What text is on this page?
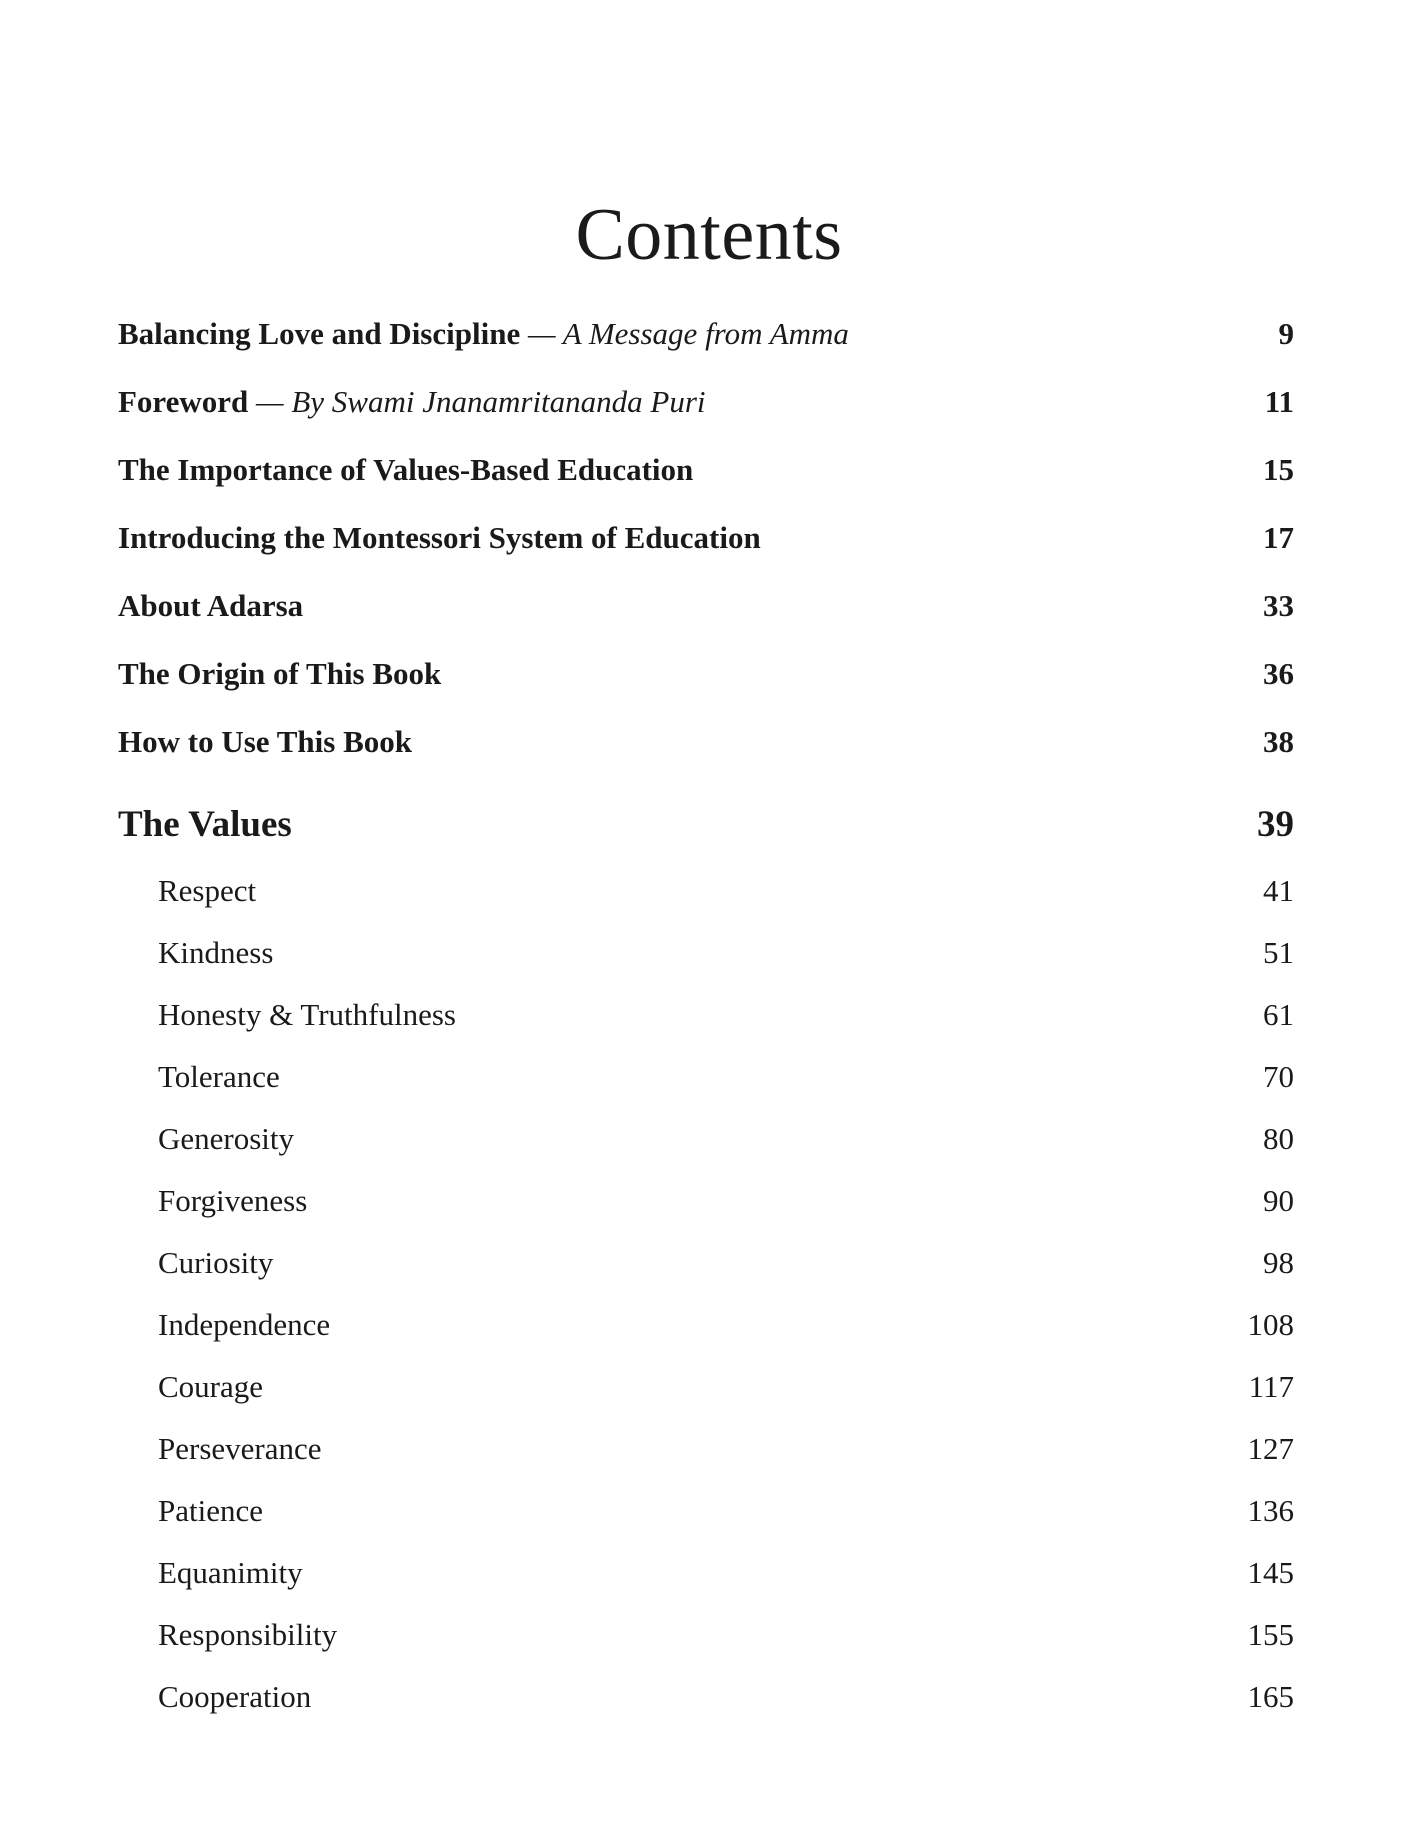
Contents
Balancing Love and Discipline — A Message from Amma	9
Foreword — By Swami Jnanamritananda Puri	11
The Importance of Values-Based Education	15
Introducing the Montessori System of Education	17
About Adarsa	33
The Origin of This Book	36
How to Use This Book	38
The Values	39
Respect	41
Kindness	51
Honesty & Truthfulness	61
Tolerance	70
Generosity	80
Forgiveness	90
Curiosity	98
Independence	108
Courage	117
Perseverance	127
Patience	136
Equanimity	145
Responsibility	155
Cooperation	165
